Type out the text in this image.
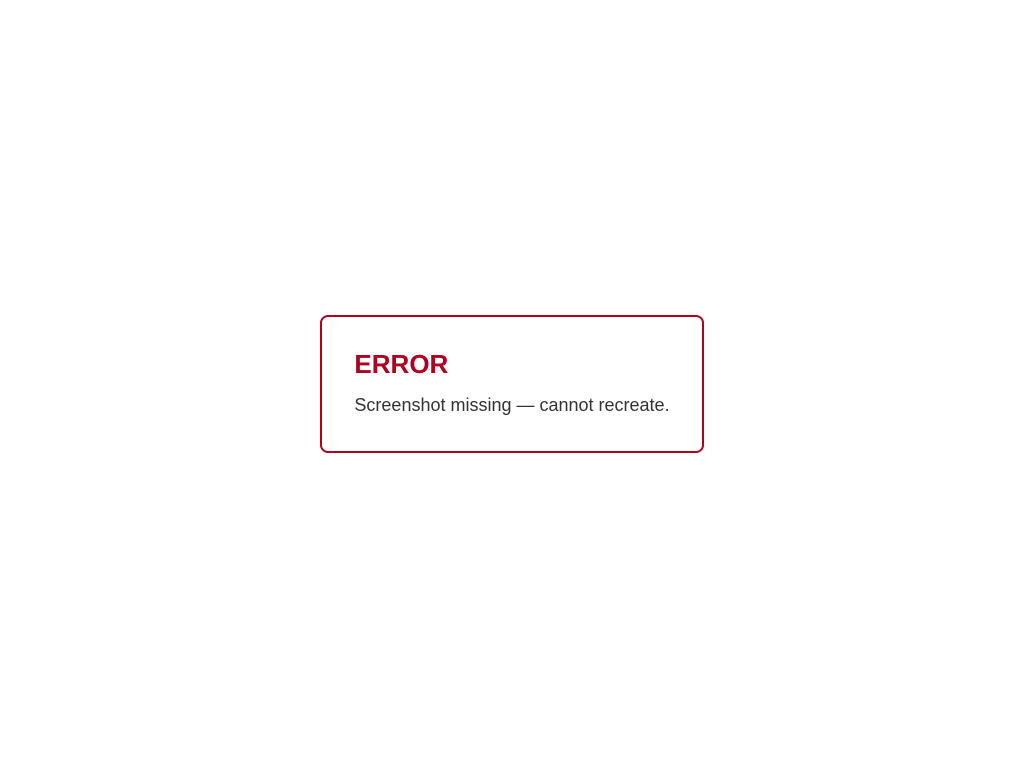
ERROR

Screenshot missing — cannot recreate.
